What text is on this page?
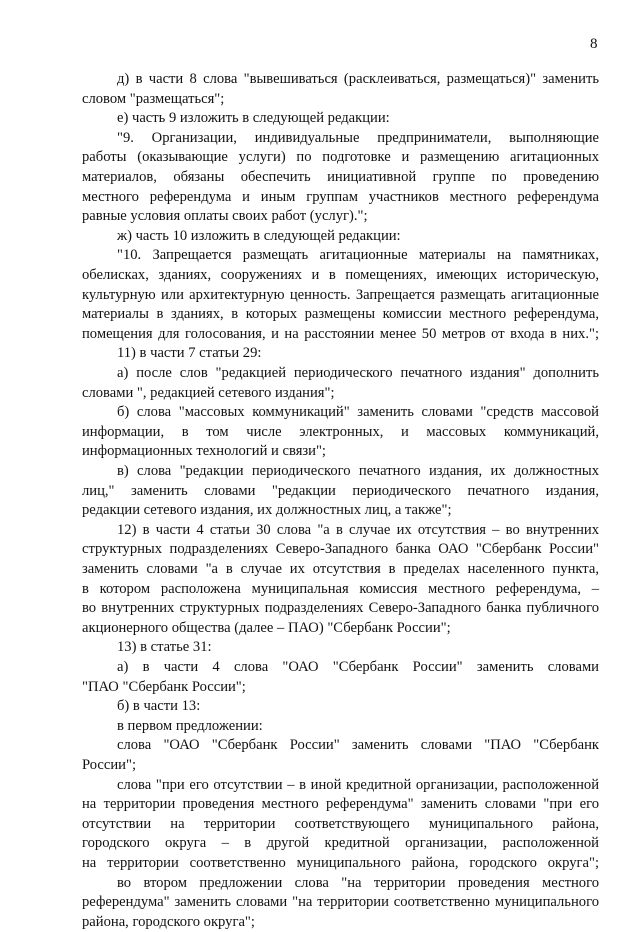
8
д) в части 8 слова "вывешиваться (расклеиваться, размещаться)" заменить
словом "размещаться";
е) часть 9 изложить в следующей редакции:
"9. Организации, индивидуальные предприниматели, выполняющие
работы (оказывающие услуги) по подготовке и размещению агитационных
материалов, обязаны обеспечить инициативной группе по проведению
местного референдума и иным группам участников местного референдума
равные условия оплаты своих работ (услуг).";
ж) часть 10 изложить в следующей редакции:
"10. Запрещается размещать агитационные материалы на памятниках,
обелисках, зданиях, сооружениях и в помещениях, имеющих историческую,
культурную или архитектурную ценность. Запрещается размещать агитационные
материалы в зданиях, в которых размещены комиссии местного референдума,
помещения для голосования, и на расстоянии менее 50 метров от входа в них.";
11) в части 7 статьи 29:
а) после слов "редакцией периодического печатного издания" дополнить
словами ", редакцией сетевого издания";
б) слова "массовых коммуникаций" заменить словами "средств массовой
информации, в том числе электронных, и массовых коммуникаций,
информационных технологий и связи";
в) слова "редакции периодического печатного издания, их должностных
лиц," заменить словами "редакции периодического печатного издания,
редакции сетевого издания, их должностных лиц, а также";
12) в части 4 статьи 30 слова "а в случае их отсутствия – во внутренних
структурных подразделениях Северо-Западного банка ОАО "Сбербанк России"
заменить словами "а в случае их отсутствия в пределах населенного пункта,
в котором расположена муниципальная комиссия местного референдума, –
во внутренних структурных подразделениях Северо-Западного банка публичного
акционерного общества (далее – ПАО) "Сбербанк России";
13) в статье 31:
а) в части 4 слова "ОАО "Сбербанк России" заменить словами
"ПАО "Сбербанк России";
б) в части 13:
в первом предложении:
слова "ОАО "Сбербанк России" заменить словами "ПАО "Сбербанк
России";
слова "при его отсутствии – в иной кредитной организации, расположенной
на территории проведения местного референдума" заменить словами "при его
отсутствии на территории соответствующего муниципального района,
городского округа – в другой кредитной организации, расположенной
на территории соответственно муниципального района, городского округа";
во втором предложении слова "на территории проведения местного
референдума" заменить словами "на территории соответственно муниципального
района, городского округа";
